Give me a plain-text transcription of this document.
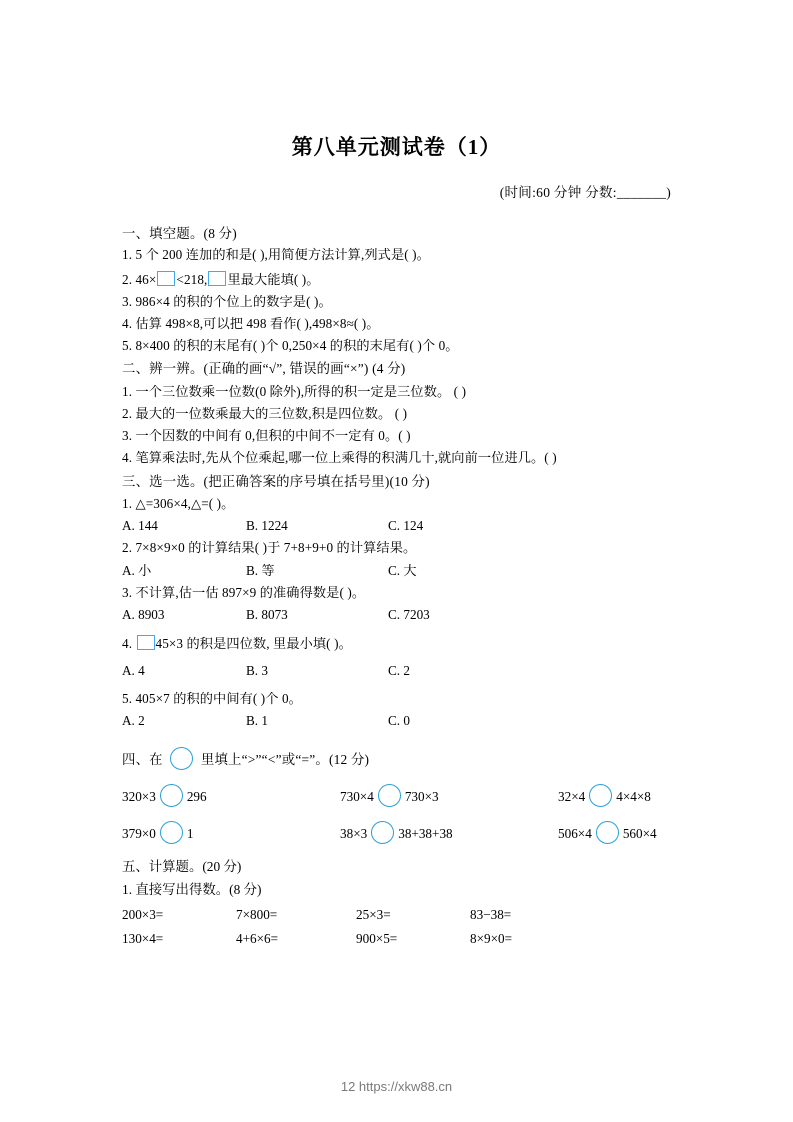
第八单元测试卷（1）
(时间:60 分钟 分数:_______)
一、填空题。(8 分)
1. 5 个 200 连加的和是( ),用简便方法计算,列式是( )。
2. 46× <218, 里最大能填( )。
3. 986×4 的积的个位上的数字是( )。
4. 估算 498×8,可以把 498 看作( ),498×8≈( )。
5. 8×400 的积的末尾有( )个 0,250×4 的积的末尾有( )个 0。
二、辨一辨。(正确的画“√”, 错误的画“×”) (4 分)
1. 一个三位数乘一位数(0 除外),所得的积一定是三位数。 ( )
2. 最大的一位数乘最大的三位数,积是四位数。 ( )
3. 一个因数的中间有 0,但积的中间不一定有 0。( )
4. 笔算乘法时,先从个位乘起,哪一位上乘得的积满几十,就向前一位进几。( )
三、选一选。(把正确答案的序号填在括号里)(10 分)
1. △=306×4,△=( )。
A. 144	B. 1224	C. 124
2. 7×8×9×0 的计算结果( )于 7+8+9+0 的计算结果。
A. 小	B. 等	C. 大
3. 不计算,估一估 897×9 的准确得数是( )。
A. 8903	B. 8073	C. 7203
4. 45×3 的积是四位数, 里最小填( )。
A. 4	B. 3	C. 2
5. 405×7 的积的中间有( )个 0。
A. 2	B. 1	C. 0
四、在  里填上“>”“<”或“=”。(12 分)
320×3 296	730×4 730×3	32×4 4×4×8
379×0 1	38×3 38+38+38	506×4 560×4
五、计算题。(20 分)
1. 直接写出得数。(8 分)
200×3=	7×800=	25×3=	83−38=
130×4=	4+6×6=	900×5=	8×9×0=
12 https://xkw88.cn
